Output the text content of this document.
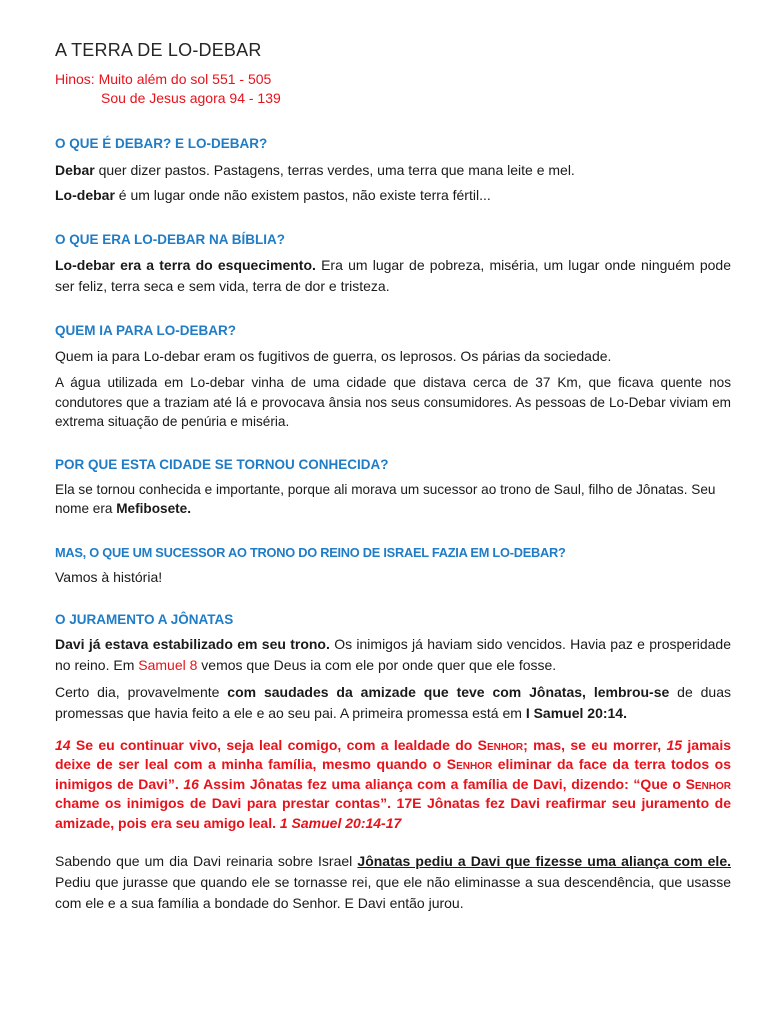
A TERRA DE LO-DEBAR
Hinos: Muito além do sol 551 - 505
Sou de Jesus agora 94 - 139
O QUE É DEBAR? E LO-DEBAR?

Debar quer dizer pastos. Pastagens, terras verdes, uma terra que mana leite e mel.

Lo-debar é um lugar onde não existem pastos, não existe terra fértil...

O QUE ERA LO-DEBAR NA BÍBLIA?

Lo-debar era a terra do esquecimento. Era um lugar de pobreza, miséria, um lugar onde ninguém pode ser feliz, terra seca e sem vida, terra de dor e tristeza.

QUEM IA PARA LO-DEBAR?

Quem ia para Lo-debar eram os fugitivos de guerra, os leprosos. Os párias da sociedade.

A água utilizada em Lo-debar vinha de uma cidade que distava cerca de 37 Km, que ficava quente nos condutores que a traziam até lá e provocava ânsia nos seus consumidores. As pessoas de Lo-Debar viviam em extrema situação de penúria e miséria.

POR QUE ESTA CIDADE SE TORNOU CONHECIDA?

Ela se tornou conhecida e importante, porque ali morava um sucessor ao trono de Saul, filho de Jônatas. Seu nome era Mefibosete.

MAS, O QUE UM SUCESSOR AO TRONO DO REINO DE ISRAEL FAZIA EM LO-DEBAR?

Vamos à história!

O JURAMENTO A JÔNATAS

Davi já estava estabilizado em seu trono. Os inimigos já haviam sido vencidos. Havia paz e prosperidade no reino. Em Samuel 8 vemos que Deus ia com ele por onde quer que ele fosse.

Certo dia, provavelmente com saudades da amizade que teve com Jônatas, lembrou-se de duas promessas que havia feito a ele e ao seu pai. A primeira promessa está em I Samuel 20:14.

14 Se eu continuar vivo, seja leal comigo, com a lealdade do Senhor; mas, se eu morrer, 15 jamais deixe de ser leal com a minha família, mesmo quando o Senhor eliminar da face da terra todos os inimigos de Davi”. 16 Assim Jônatas fez uma aliança com a família de Davi, dizendo: “Que o Senhor chame os inimigos de Davi para prestar contas”. 17E Jônatas fez Davi reafirmar seu juramento de amizade, pois era seu amigo leal. 1 Samuel 20:14-17

Sabendo que um dia Davi reinaria sobre Israel Jônatas pediu a Davi que fizesse uma aliança com ele. Pediu que jurasse que quando ele se tornasse rei, que ele não eliminasse a sua descendência, que usasse com ele e a sua família a bondade do Senhor. E Davi então jurou.
